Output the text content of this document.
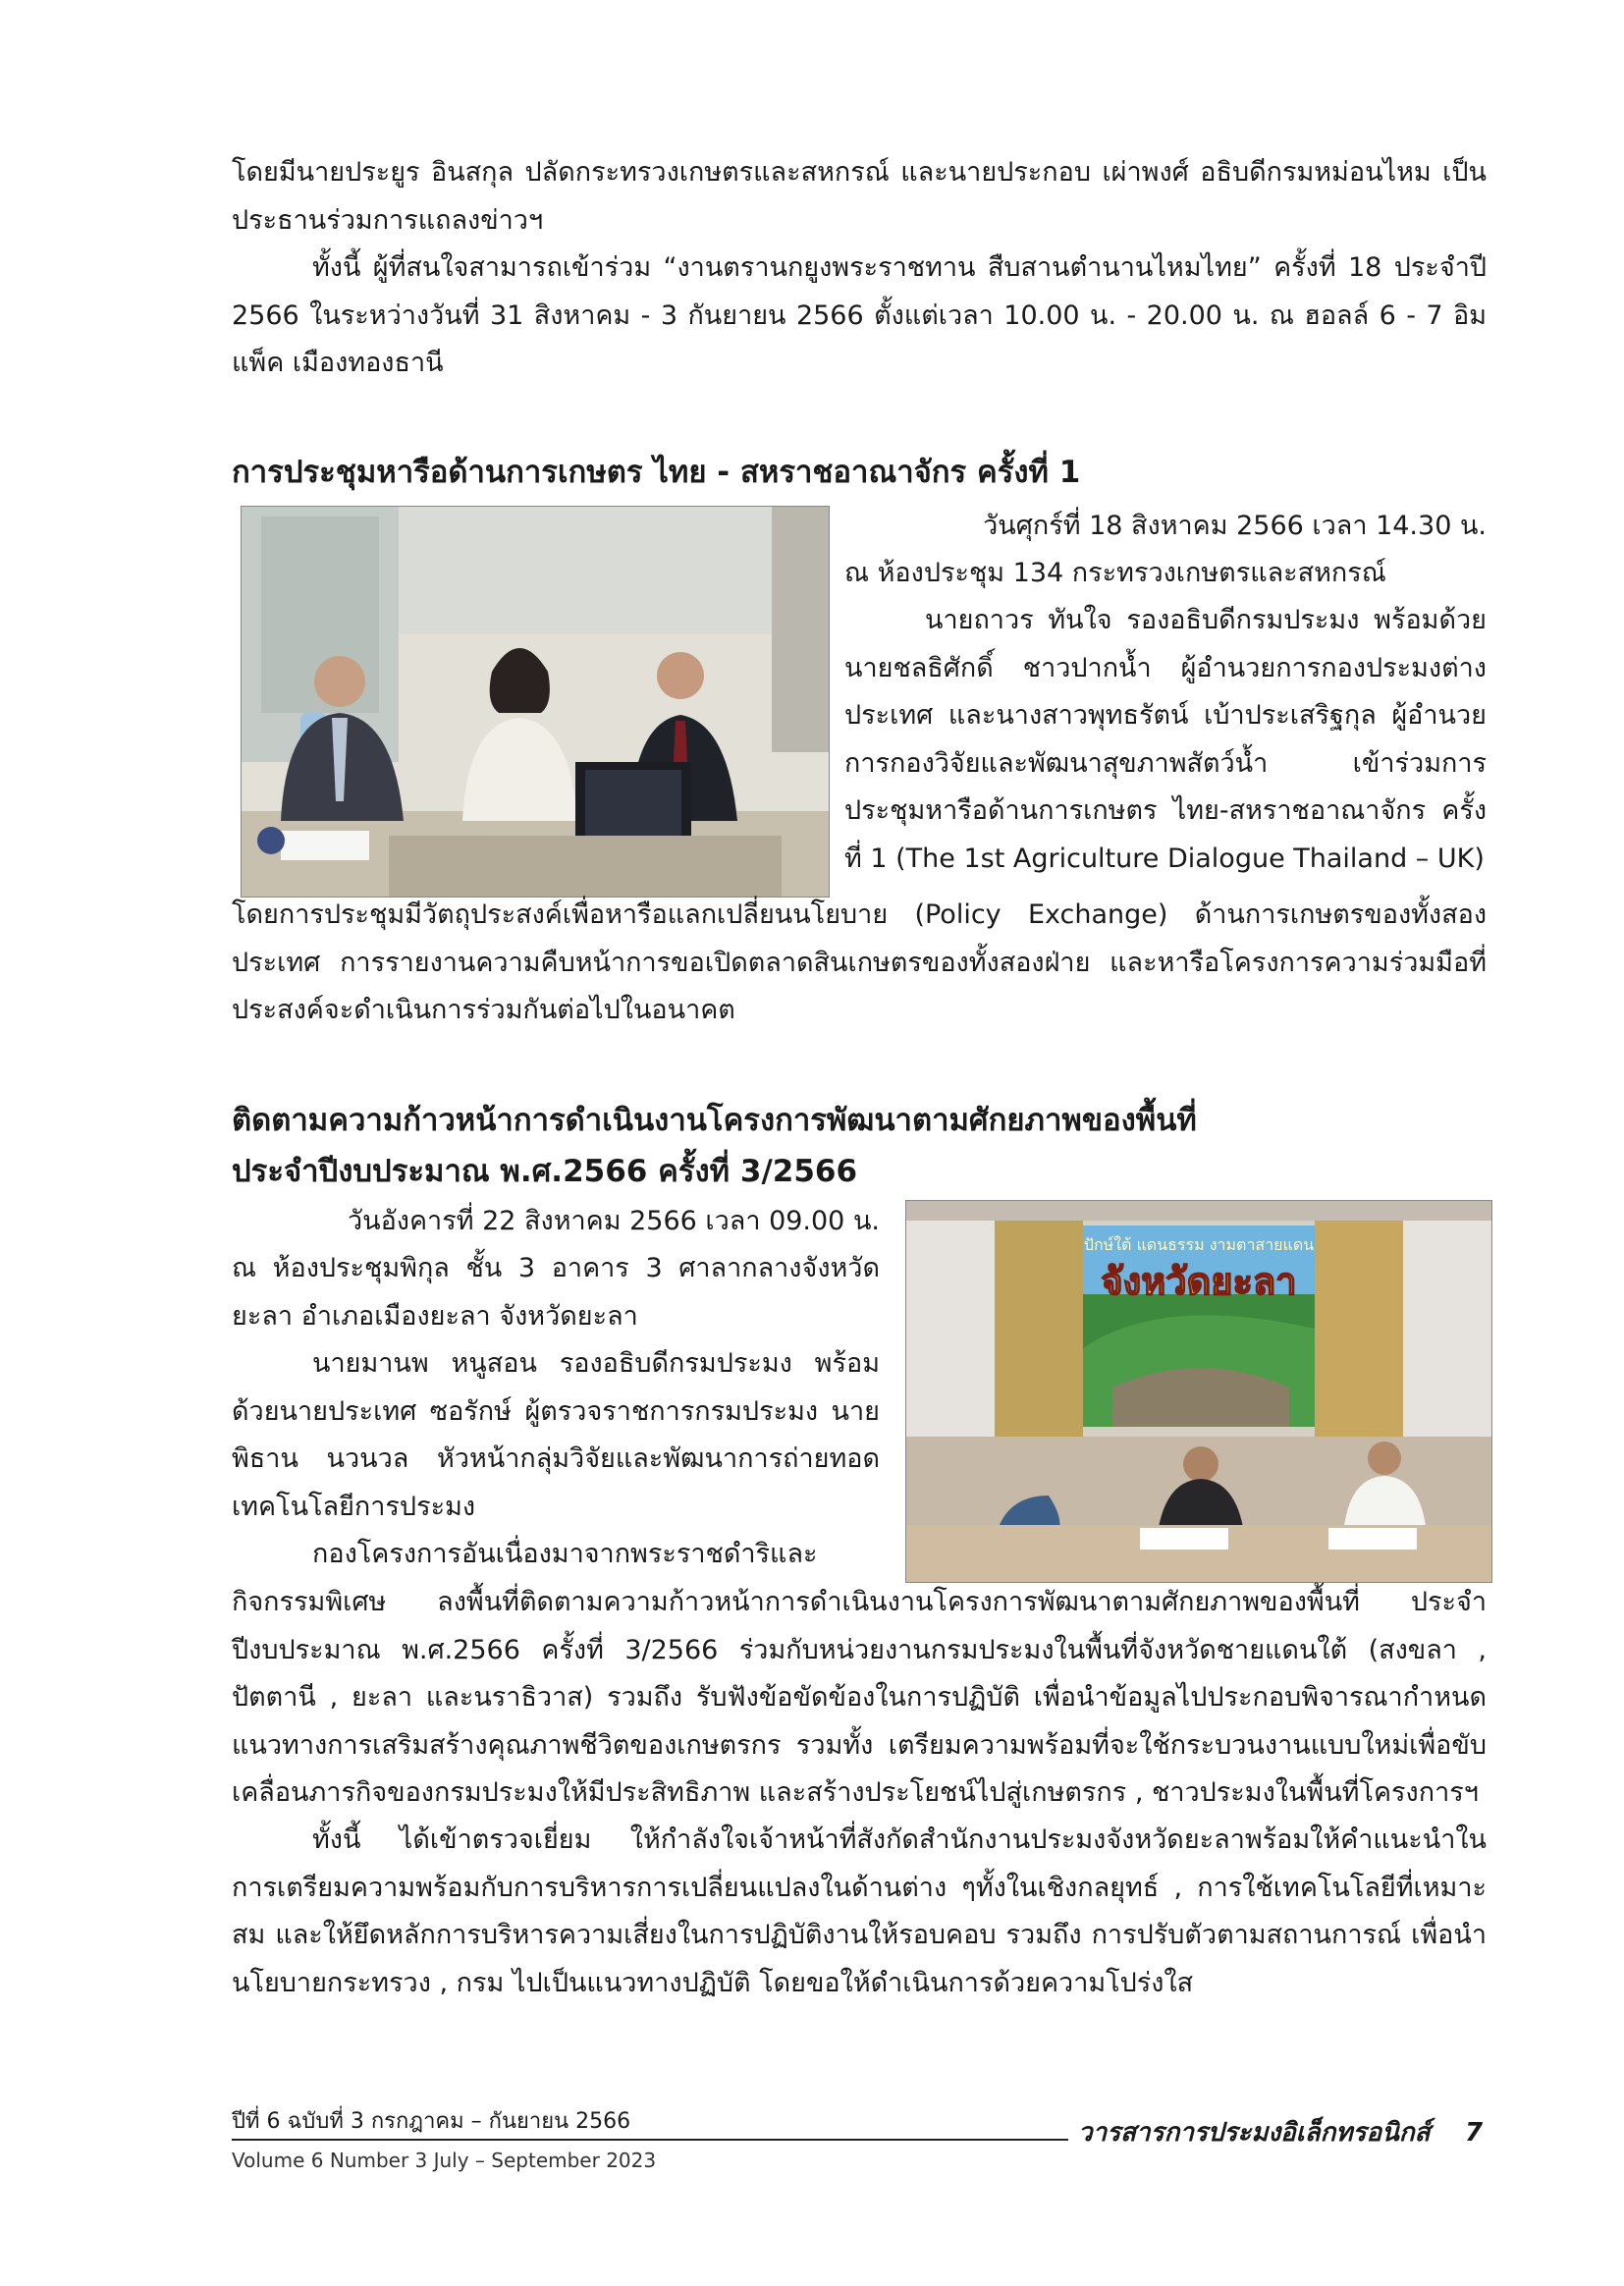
โดยมีนายประยูร อินสกุล ปลัดกระทรวงเกษตรและสหกรณ์ และนายประกอบ เผ่าพงศ์ อธิบดีกรมหม่อนไหม เป็นประธานร่วมการแถลงข่าวฯ

ทั้งนี้ ผู้ที่สนใจสามารถเข้าร่วม “งานตรานกยูงพระราชทาน สืบสานตำนานไหมไทย” ครั้งที่ 18 ประจำปี 2566 ในระหว่างวันที่ 31 สิงหาคม - 3 กันยายน 2566 ตั้งแต่เวลา 10.00 น. - 20.00 น. ณ ฮอลล์ 6 - 7 อิมแพ็ค เมืองทองธานี

การประชุมหารือด้านการเกษตร ไทย - สหราชอาณาจักร ครั้งที่ 1

วันศุกร์ที่ 18 สิงหาคม 2566 เวลา 14.30 น.

ณ ห้องประชุม 134 กระทรวงเกษตรและสหกรณ์

นายถาวร ทันใจ รองอธิบดีกรมประมง พร้อมด้วยนายชลธิศักดิ์ ชาวปากน้ำ ผู้อำนวยการกองประมงต่างประเทศ และนางสาวพุทธรัตน์ เบ้าประเสริฐกุล ผู้อำนวยการกองวิจัยและพัฒนาสุขภาพสัตว์น้ำ เข้าร่วมการประชุมหารือด้านการเกษตร ไทย-สหราชอาณาจักร ครั้งที่ 1 (The 1st Agriculture Dialogue Thailand – UK)

โดยการประชุมมีวัตถุประสงค์เพื่อหารือแลกเปลี่ยนนโยบาย (Policy Exchange) ด้านการเกษตรของทั้งสองประเทศ การรายงานความคืบหน้าการขอเปิดตลาดสินเกษตรของทั้งสองฝ่าย และหารือโครงการความร่วมมือที่ประสงค์จะดำเนินการร่วมกันต่อไปในอนาคต

ติดตามความก้าวหน้าการดำเนินงานโครงการพัฒนาตามศักยภาพของพื้นที่
ประจำปีงบประมาณ พ.ศ.2566 ครั้งที่ 3/2566

วันอังคารที่ 22 สิงหาคม 2566 เวลา 09.00 น.

ณ ห้องประชุมพิกุล ชั้น 3 อาคาร 3 ศาลากลางจังหวัดยะลา อำเภอเมืองยะลา จังหวัดยะลา

นายมานพ หนูสอน รองอธิบดีกรมประมง พร้อมด้วยนายประเทศ ซอรักษ์ ผู้ตรวจราชการกรมประมง นายพิธาน นวนวล หัวหน้ากลุ่มวิจัยและพัฒนาการถ่ายทอดเทคโนโลยีการประมง

กองโครงการอันเนื่องมาจากพระราชดำริและ

ปักษ์ใต้ แดนธรรม งามตาสายแดน
จังหวัดยะลา

กิจกรรมพิเศษ ลงพื้นที่ติดตามความก้าวหน้าการดำเนินงานโครงการพัฒนาตามศักยภาพของพื้นที่ ประจำปีงบประมาณ พ.ศ.2566 ครั้งที่ 3/2566 ร่วมกับหน่วยงานกรมประมงในพื้นที่จังหวัดชายแดนใต้ (สงขลา , ปัตตานี , ยะลา และนราธิวาส) รวมถึง รับฟังข้อขัดข้องในการปฏิบัติ เพื่อนำข้อมูลไปประกอบพิจารณากำหนดแนวทางการเสริมสร้างคุณภาพชีวิตของเกษตรกร รวมทั้ง เตรียมความพร้อมที่จะใช้กระบวนงานแบบใหม่เพื่อขับเคลื่อนภารกิจของกรมประมงให้มีประสิทธิภาพ และสร้างประโยชน์ไปสู่เกษตรกร , ชาวประมงในพื้นที่โครงการฯ

ทั้งนี้ ได้เข้าตรวจเยี่ยม ให้กำลังใจเจ้าหน้าที่สังกัดสำนักงานประมงจังหวัดยะลาพร้อมให้คำแนะนำในการเตรียมความพร้อมกับการบริหารการเปลี่ยนแปลงในด้านต่าง ๆทั้งในเชิงกลยุทธ์ , การใช้เทคโนโลยีที่เหมาะสม และให้ยึดหลักการบริหารความเสี่ยงในการปฏิบัติงานให้รอบคอบ รวมถึง การปรับตัวตามสถานการณ์ เพื่อนำนโยบายกระทรวง , กรม ไปเป็นแนวทางปฏิบัติ โดยขอให้ดำเนินการด้วยความโปร่งใส

ปีที่ 6 ฉบับที่ 3 กรกฎาคม – กันยายน 2566	วารสารการประมงอิเล็กทรอนิกส์ 7

Volume 6 Number 3 July – September 2023
